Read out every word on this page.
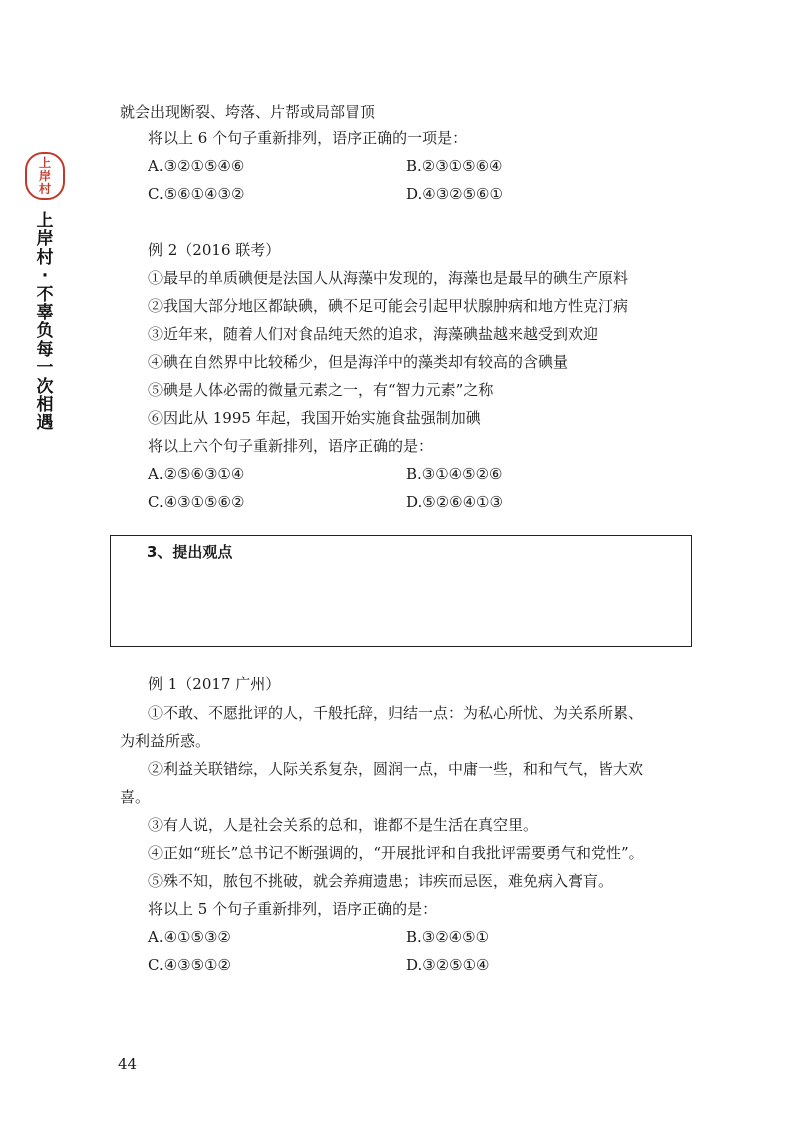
上
岸
村
上
岸
村
·
不
辜
负
每
一
次
相
遇
就会出现断裂、垮落、片帮或局部冒顶
将以上 6 个句子重新排列，语序正确的一项是：
A.③②①⑤④⑥	B.②③①⑤⑥④
C.⑤⑥①④③②	D.④③②⑤⑥①
例 2（2016 联考）
①最早的单质碘便是法国人从海藻中发现的，海藻也是最早的碘生产原料
②我国大部分地区都缺碘，碘不足可能会引起甲状腺肿病和地方性克汀病
③近年来，随着人们对食品纯天然的追求，海藻碘盐越来越受到欢迎
④碘在自然界中比较稀少，但是海洋中的藻类却有较高的含碘量
⑤碘是人体必需的微量元素之一，有“智力元素”之称
⑥因此从 1995 年起，我国开始实施食盐强制加碘
将以上六个句子重新排列，语序正确的是：
A.②⑤⑥③①④	B.③①④⑤②⑥
C.④③①⑤⑥②	D.⑤②⑥④①③
3、提出观点
例 1（2017 广州）
①不敢、不愿批评的人，千般托辞，归结一点：为私心所忧、为关系所累、
为利益所惑。
②利益关联错综，人际关系复杂，圆润一点，中庸一些，和和气气，皆大欢
喜。
③有人说，人是社会关系的总和，谁都不是生活在真空里。
④正如“班长”总书记不断强调的，“开展批评和自我批评需要勇气和党性”。
⑤殊不知，脓包不挑破，就会养痈遗患；讳疾而忌医，难免病入膏肓。
将以上 5 个句子重新排列，语序正确的是：
A.④①⑤③②	B.③②④⑤①
C.④③⑤①②	D.③②⑤①④
44
